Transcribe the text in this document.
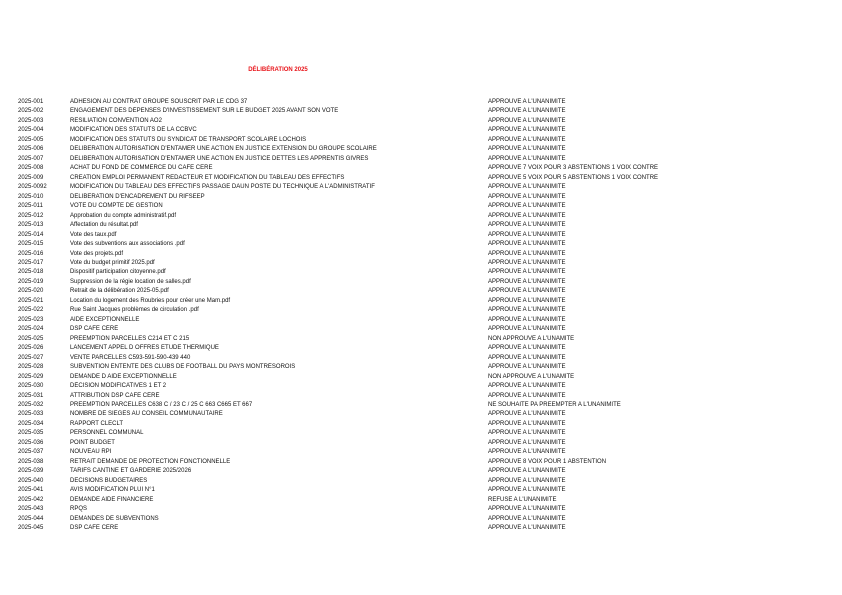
DÉLIBÉRATION 2025
2025-001	ADHESION AU CONTRAT GROUPE SOUSCRIT PAR LE CDG 37	APPROUVE A L'UNANIMITE
2025-002	ENGAGEMENT DES DÉPENSES D'INVESTISSEMENT SUR LE BUDGET 2025 AVANT SON VOTE	APPROUVE A L'UNANIMITE
2025-003	RESILIATION CONVENTION AO2	APPROUVE A L'UNANIMITE
2025-004	MODIFICATION DES STATUTS DE LA CCBVC	APPROUVE A L'UNANIMITE
2025-005	MODIFICATION DES STATUTS DU SYNDICAT DE TRANSPORT SCOLAIRE LOCHOIS	APPROUVE A L'UNANIMITE
2025-006	DELIBERATION AUTORISATION D'ENTAMER UNE ACTION EN JUSTICE EXTENSION DU GROUPE SCOLAIRE	APPROUVE A L'UNANIMITE
2025-007	DELIBERATION AUTORISATION D'ENTAMER UNE ACTION EN JUSTICE DETTES LES APPRENTIS GIVRES	APPROUVE A L'UNANIMITE
2025-008	ACHAT DU FOND DE COMMERCE DU CAFE CERE	APPROUVE 7 VOIX POUR 3 ABSTENTIONS 1 VOIX CONTRE
2025-009	CREATION EMPLOI PERMANENT REDACTEUR ET MODIFICATION DU TABLEAU DES EFFECTIFS	APPROUVE 5 VOIX POUR 5 ABSTENTIONS 1 VOIX CONTRE
2025-0092	MODIFICATION DU TABLEAU DES EFFECTIFS PASSAGE DAUN POSTE DU TECHNIQUE A L'ADMINISTRATIF	APPROUVE A L'UNANIMITE
2025-010	DELIBERATION D'ENCADREMENT DU RIFSEEP	APPROUVE A L'UNANIMITE
2025-011	VOTE DU COMPTE DE GESTION	APPROUVE A L'UNANIMITE
2025-012	Approbation du compte administratif.pdf	APPROUVE A L'UNANIMITE
2025-013	Affectation du résultat.pdf	APPROUVE A L'UNANIMITE
2025-014	Vote des taux.pdf	APPROUVE A L'UNANIMITE
2025-015	Vote des subventions aux associations .pdf	APPROUVE A L'UNANIMITE
2025-016	Vote des projets.pdf	APPROUVE A L'UNANIMITE
2025-017	Vote du budget primitif 2025.pdf	APPROUVE A L'UNANIMITE
2025-018	Dispositif participation citoyenne.pdf	APPROUVE A L'UNANIMITE
2025-019	Suppression de la régie location de salles.pdf	APPROUVE A L'UNANIMITE
2025-020	Retrait de la délibération 2025-05.pdf	APPROUVE A L'UNANIMITE
2025-021	Location du logement des Roubries pour créer une Mam.pdf	APPROUVE A L'UNANIMITE
2025-022	Rue Saint Jacques problèmes de circulation .pdf	APPROUVE A L'UNANIMITE
2025-023	AIDE EXCEPTIONNELLE	APPROUVE A L'UNANIMITE
2025-024	DSP CAFE CÉRÉ	APPROUVE A L'UNANIMITE
2025-025	PREEMPTION PARCELLES C214 ET C 215	NON APPROUVE A L'UNAMITE
2025-026	LANCEMENT APPEL D OFFRES ETUDE THERMIQUE	APPROUVE A L'UNANIMITE
2025-027	VENTE PARCELLES C593-591-590-439 440	APPROUVE A L'UNANIMITE
2025-028	SUBVENTION ENTENTE DES CLUBS DE FOOTBALL DU PAYS MONTRÉSOROIS	APPROUVE A L'UNANIMITE
2025-029	DEMANDE D AIDE EXCEPTIONNELLE	NON APPROUVE A L'UNAMITE
2025-030	DÉCISION MODIFICATIVES 1 ET 2	APPROUVE A L'UNANIMITE
2025-031	ATTRIBUTION DSP CAFE CÉRÉ	APPROUVE A L'UNANIMITE
2025-032	PREEMPTION PARCELLES C638 C / 23 C / 25 C 663 C665 ET 667	NE SOUHAITE PA PREEMPTER A L'UNANIMITE
2025-033	NOMBRE DE SIEGES AU CONSEIL COMMUNAUTAIRE	APPROUVE A L'UNANIMITE
2025-034	RAPPORT CLECLT	APPROUVE A L'UNANIMITE
2025-035	PERSONNEL COMMUNAL	APPROUVE A L'UNANIMITE
2025-036	POINT BUDGET	APPROUVE A L'UNANIMITE
2025-037	NOUVEAU RPI	APPROUVE A L'UNANIMITE
2025-038	RETRAIT DEMANDE DE PROTECTION FONCTIONNELLE	APPROUVE 8 VOIX POUR 1 ABSTENTION
2025-039	TARIFS CANTINE ET GARDERIE 2025/2026	APPROUVE A L'UNANIMITE
2025-040	DECISIONS BUDGETAIRES	APPROUVE A L'UNANIMITE
2025-041	AVIS MODIFICATION PLUI N°1	APPROUVE A L'UNANIMITE
2025-042	DEMANDE AIDE FINANCIERE	REFUSE A L'UNANIMITE
2025-043	RPQS	APPROUVE A L'UNANIMITE
2025-044	DEMANDES DE SUBVENTIONS	APPROUVE A L'UNANIMITE
2025-045	DSP CAFE CERE	APPROUVE A L'UNANIMITE
